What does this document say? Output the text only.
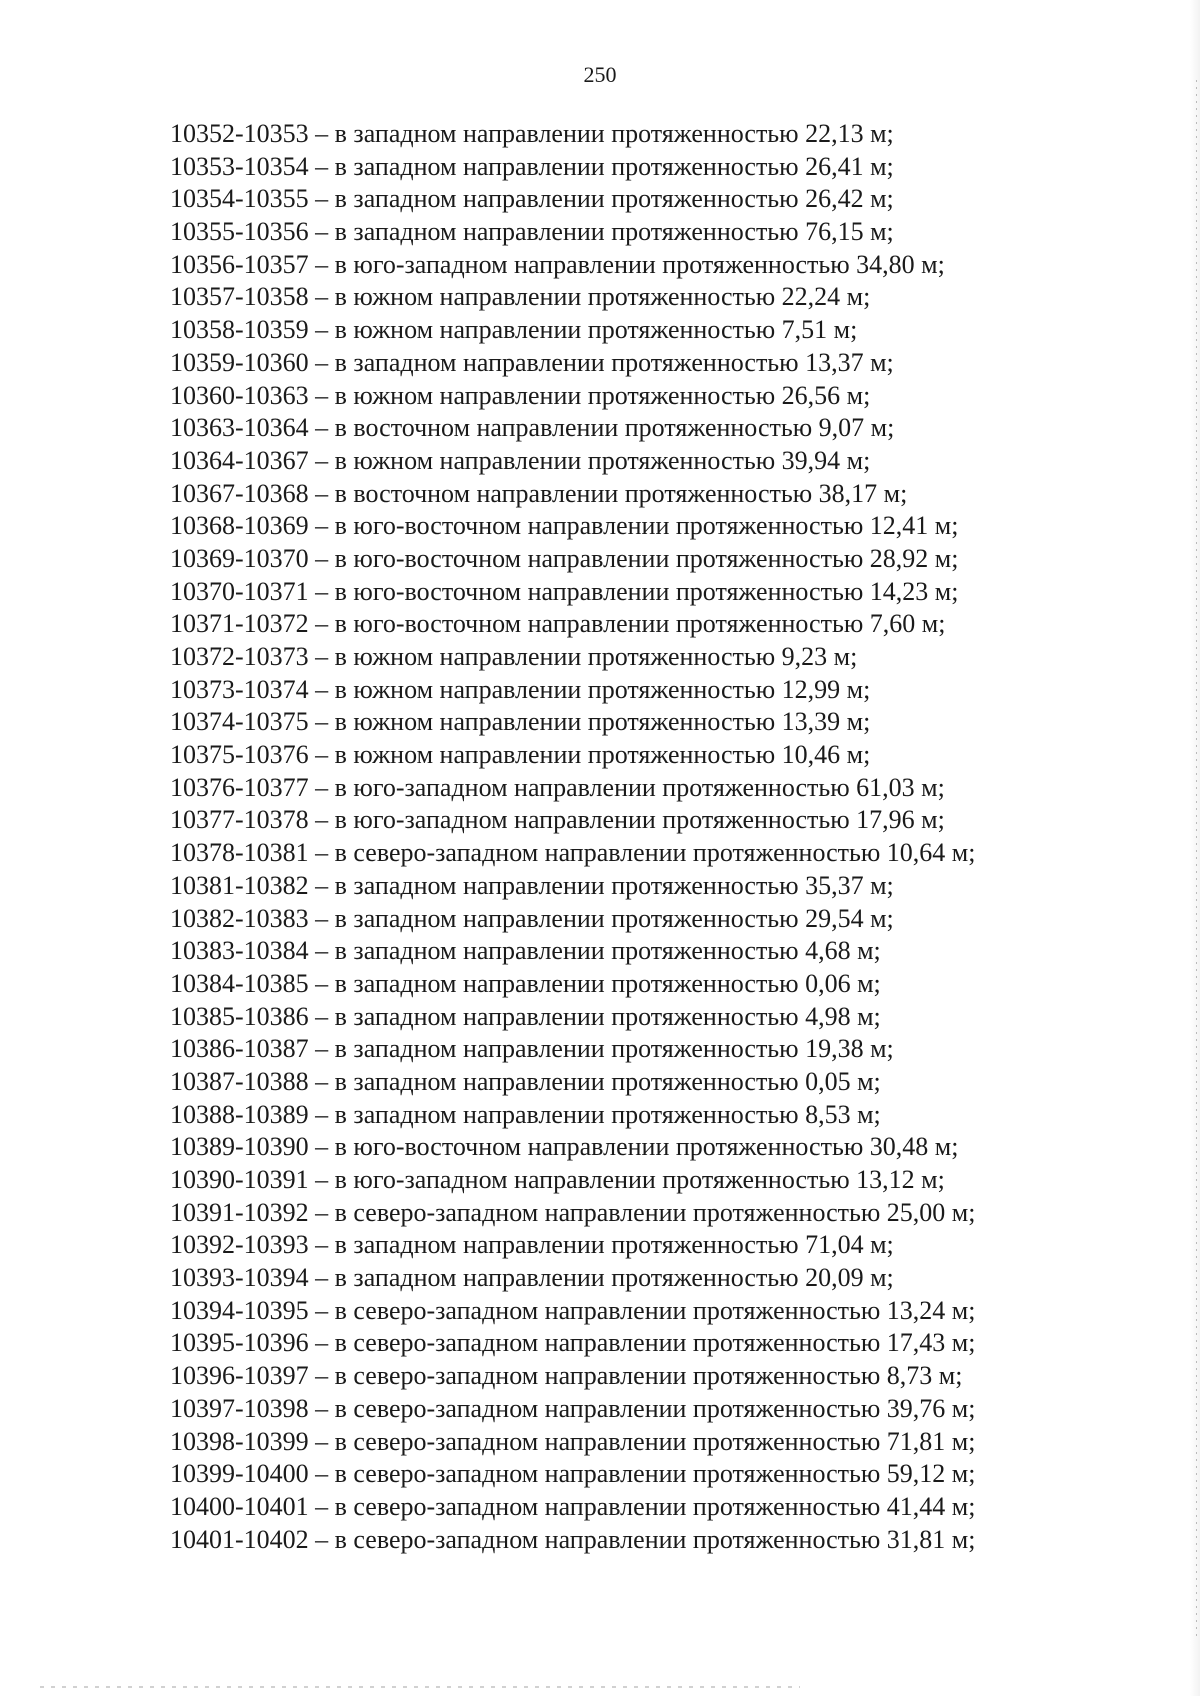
250
10352-10353 – в западном направлении протяженностью 22,13 м;
10353-10354 – в западном направлении протяженностью 26,41 м;
10354-10355 – в западном направлении протяженностью 26,42 м;
10355-10356 – в западном направлении протяженностью 76,15 м;
10356-10357 – в юго-западном направлении протяженностью 34,80 м;
10357-10358 – в южном направлении протяженностью 22,24 м;
10358-10359 – в южном направлении протяженностью 7,51 м;
10359-10360 – в западном направлении протяженностью 13,37 м;
10360-10363 – в южном направлении протяженностью 26,56 м;
10363-10364 – в восточном направлении протяженностью 9,07 м;
10364-10367 – в южном направлении протяженностью 39,94 м;
10367-10368 – в восточном направлении протяженностью 38,17 м;
10368-10369 – в юго-восточном направлении протяженностью 12,41 м;
10369-10370 – в юго-восточном направлении протяженностью 28,92 м;
10370-10371 – в юго-восточном направлении протяженностью 14,23 м;
10371-10372 – в юго-восточном направлении протяженностью 7,60 м;
10372-10373 – в южном направлении протяженностью 9,23 м;
10373-10374 – в южном направлении протяженностью 12,99 м;
10374-10375 – в южном направлении протяженностью 13,39 м;
10375-10376 – в южном направлении протяженностью 10,46 м;
10376-10377 – в юго-западном направлении протяженностью 61,03 м;
10377-10378 – в юго-западном направлении протяженностью 17,96 м;
10378-10381 – в северо-западном направлении протяженностью 10,64 м;
10381-10382 – в западном направлении протяженностью 35,37 м;
10382-10383 – в западном направлении протяженностью 29,54 м;
10383-10384 – в западном направлении протяженностью 4,68 м;
10384-10385 – в западном направлении протяженностью 0,06 м;
10385-10386 – в западном направлении протяженностью 4,98 м;
10386-10387 – в западном направлении протяженностью 19,38 м;
10387-10388 – в западном направлении протяженностью 0,05 м;
10388-10389 – в западном направлении протяженностью 8,53 м;
10389-10390 – в юго-восточном направлении протяженностью 30,48 м;
10390-10391 – в юго-западном направлении протяженностью 13,12 м;
10391-10392 – в северо-западном направлении протяженностью 25,00 м;
10392-10393 – в западном направлении протяженностью 71,04 м;
10393-10394 – в западном направлении протяженностью 20,09 м;
10394-10395 – в северо-западном направлении протяженностью 13,24 м;
10395-10396 – в северо-западном направлении протяженностью 17,43 м;
10396-10397 – в северо-западном направлении протяженностью 8,73 м;
10397-10398 – в северо-западном направлении протяженностью 39,76 м;
10398-10399 – в северо-западном направлении протяженностью 71,81 м;
10399-10400 – в северо-западном направлении протяженностью 59,12 м;
10400-10401 – в северо-западном направлении протяженностью 41,44 м;
10401-10402 – в северо-западном направлении протяженностью 31,81 м;
